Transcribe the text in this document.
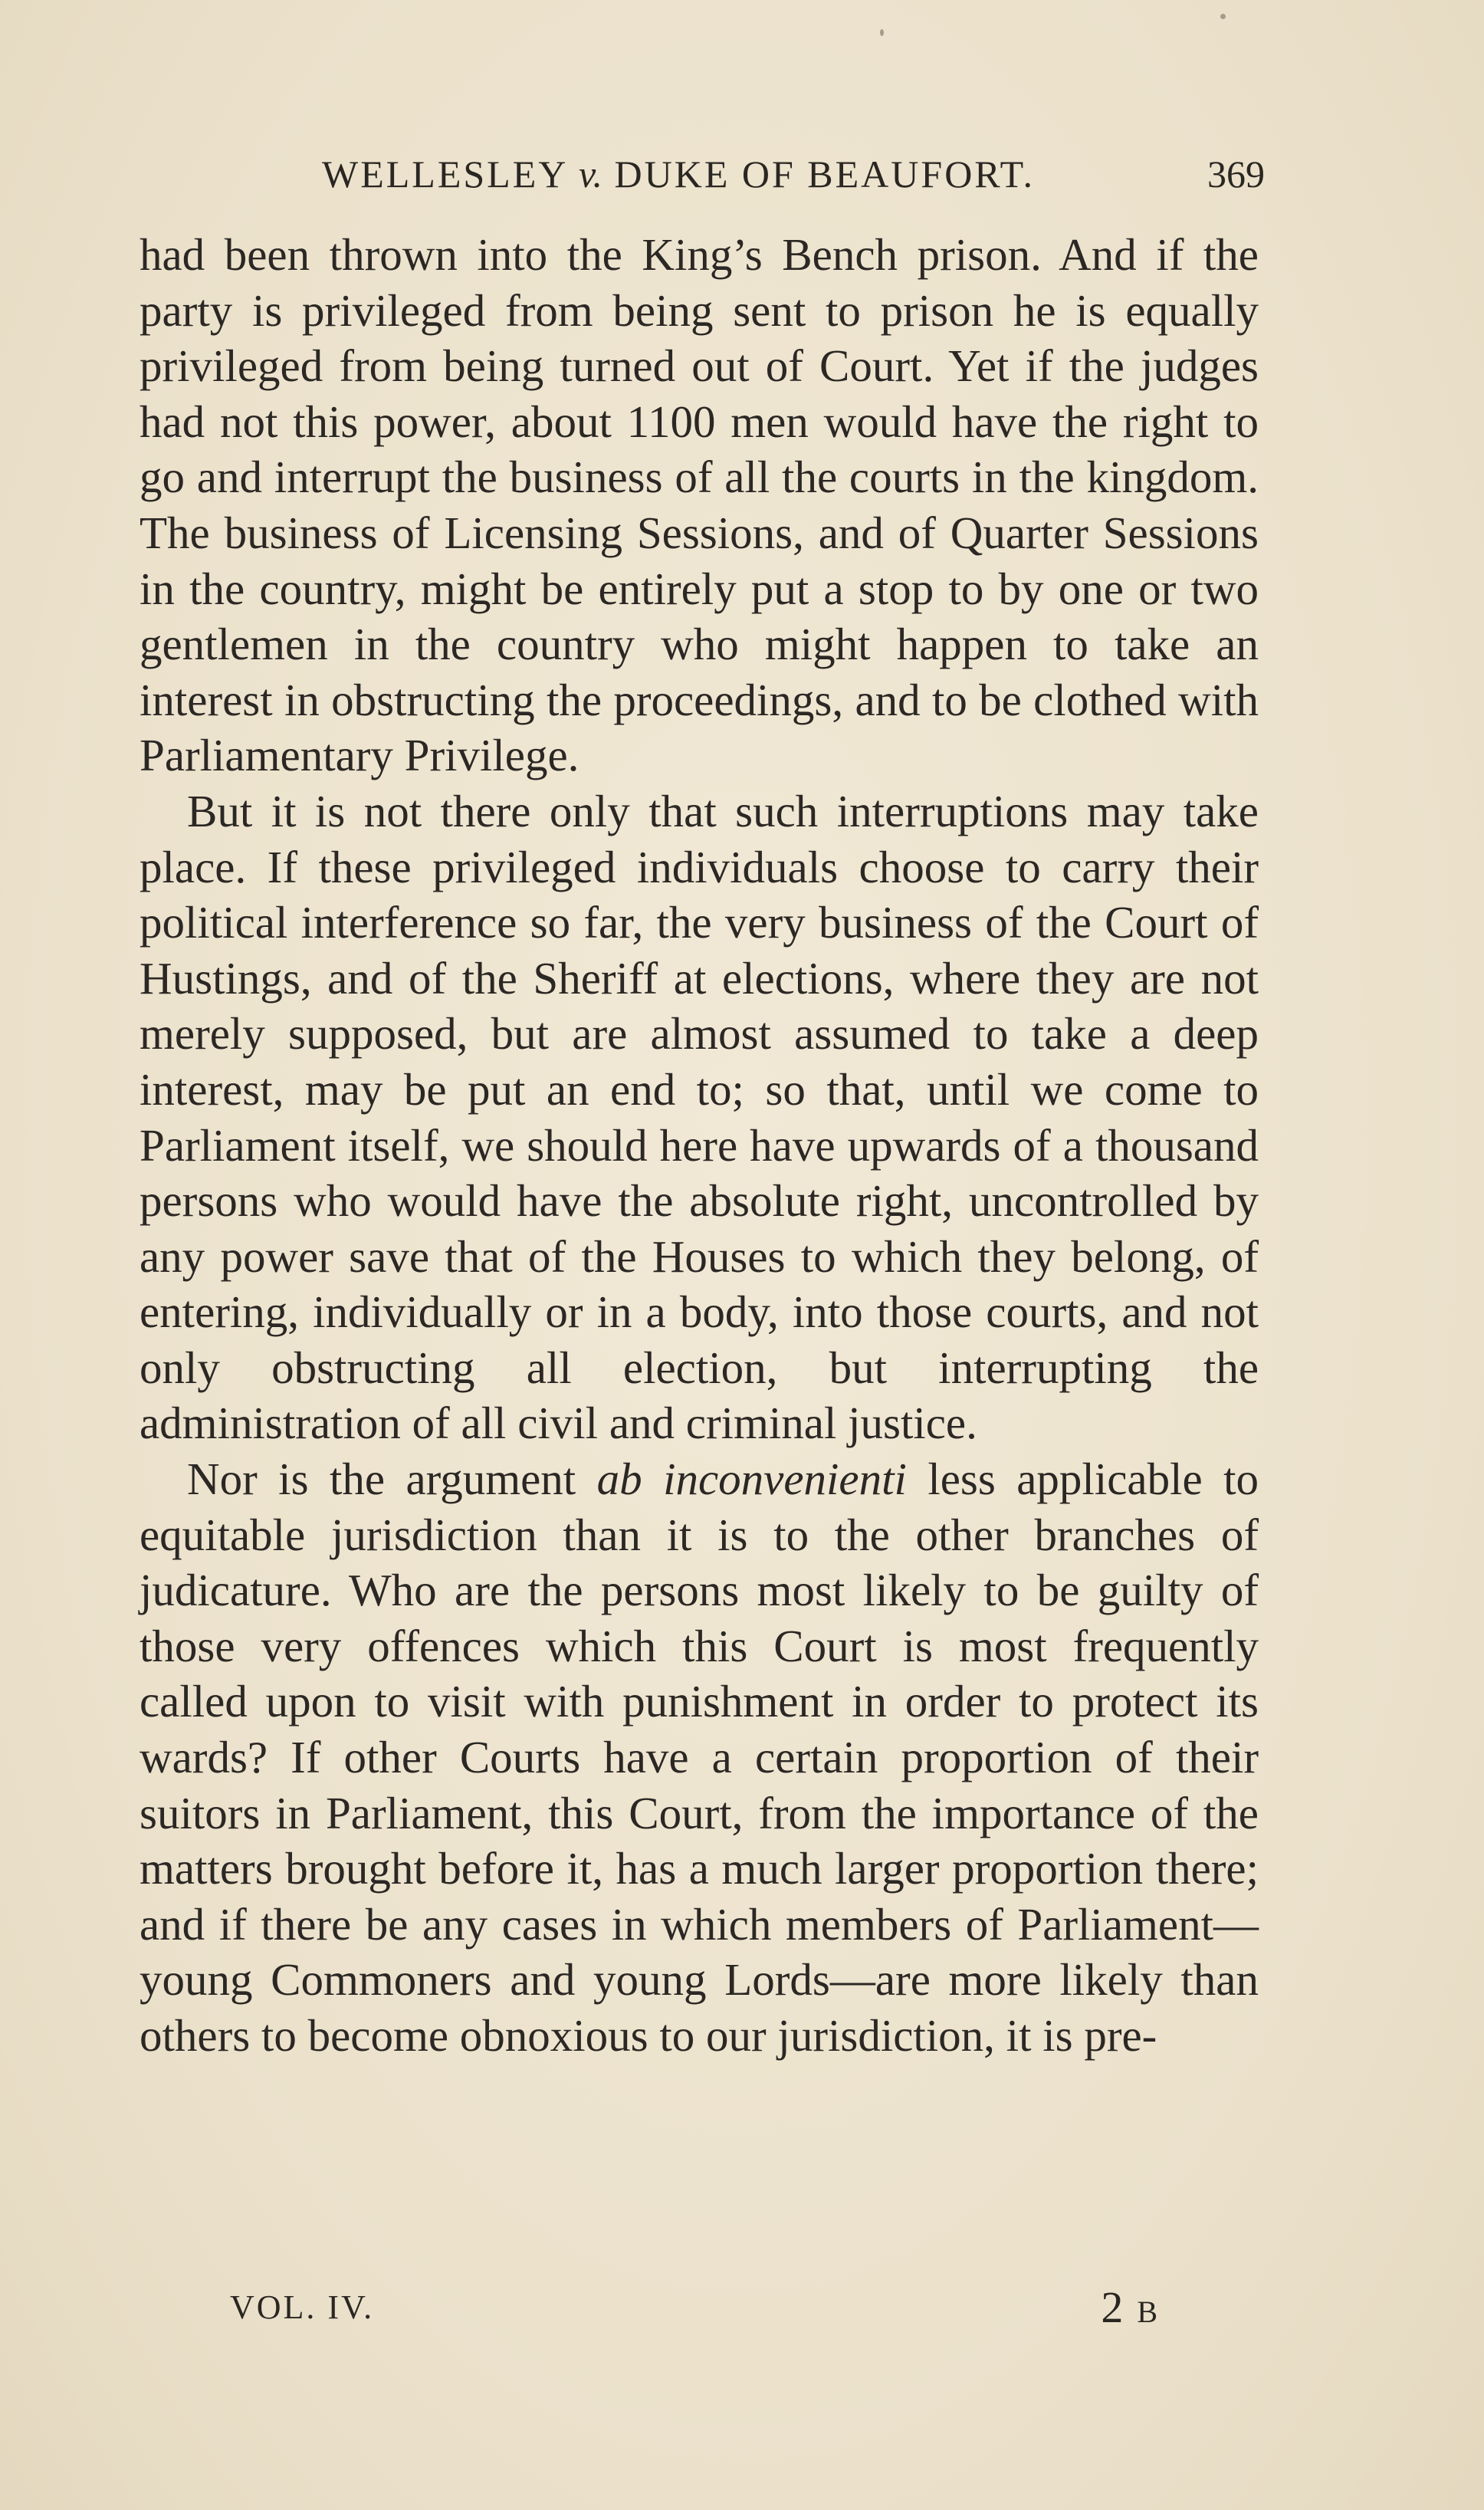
WELLESLEY v. DUKE OF BEAUFORT.	369

had been thrown into the King’s Bench prison. And if the party is privileged from being sent to prison he is equally privileged from being turned out of Court. Yet if the judges had not this power, about 1100 men would have the right to go and interrupt the business of all the courts in the kingdom. The business of Licensing Sessions, and of Quarter Sessions in the country, might be entirely put a stop to by one or two gentlemen in the country who might happen to take an interest in obstructing the proceedings, and to be clothed with Parliamentary Privilege.

But it is not there only that such interruptions may take place. If these privileged individuals choose to carry their political interference so far, the very business of the Court of Hustings, and of the Sheriff at elections, where they are not merely supposed, but are almost assumed to take a deep interest, may be put an end to; so that, until we come to Parliament itself, we should here have upwards of a thousand persons who would have the absolute right, uncontrolled by any power save that of the Houses to which they belong, of entering, individually or in a body, into those courts, and not only obstructing all election, but interrupting the administration of all civil and criminal justice.

Nor is the argument ab inconvenienti less applicable to equitable jurisdiction than it is to the other branches of judicature. Who are the persons most likely to be guilty of those very offences which this Court is most frequently called upon to visit with punishment in order to protect its wards? If other Courts have a certain proportion of their suitors in Parliament, this Court, from the importance of the matters brought before it, has a much larger proportion there; and if there be any cases in which members of Parliament—young Commoners and young Lords—are more likely than others to become obnoxious to our jurisdiction, it is pre-

VOL. IV.	2 B
